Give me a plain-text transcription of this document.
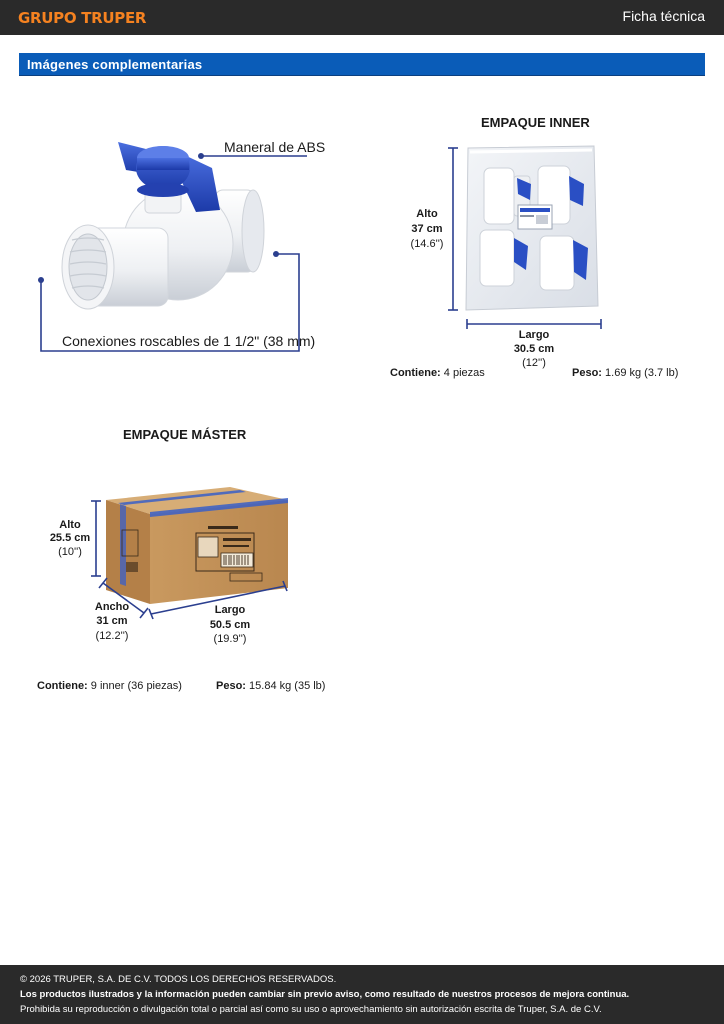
GRUPO TRUPER	Ficha técnica
Imágenes complementarias
Maneral de ABS
Conexiones roscables de 1 1/2" (38 mm)
EMPAQUE INNER
Alto
37 cm
(14.6'')
Largo
30.5 cm
(12'')
Contiene: 4 piezas	Peso: 1.69 kg (3.7 lb)
EMPAQUE MÁSTER
Alto
25.5 cm
(10'')
Ancho
31 cm
(12.2'')
Largo
50.5 cm
(19.9'')
Contiene: 9 inner (36 piezas)	Peso: 15.84 kg (35 lb)
© 2026 TRUPER, S.A. DE C.V. TODOS LOS DERECHOS RESERVADOS.
Los productos ilustrados y la información pueden cambiar sin previo aviso, como resultado de nuestros procesos de mejora continua.
Prohibida su reproducción o divulgación total o parcial así como su uso o aprovechamiento sin autorización escrita de Truper, S.A. de C.V.
